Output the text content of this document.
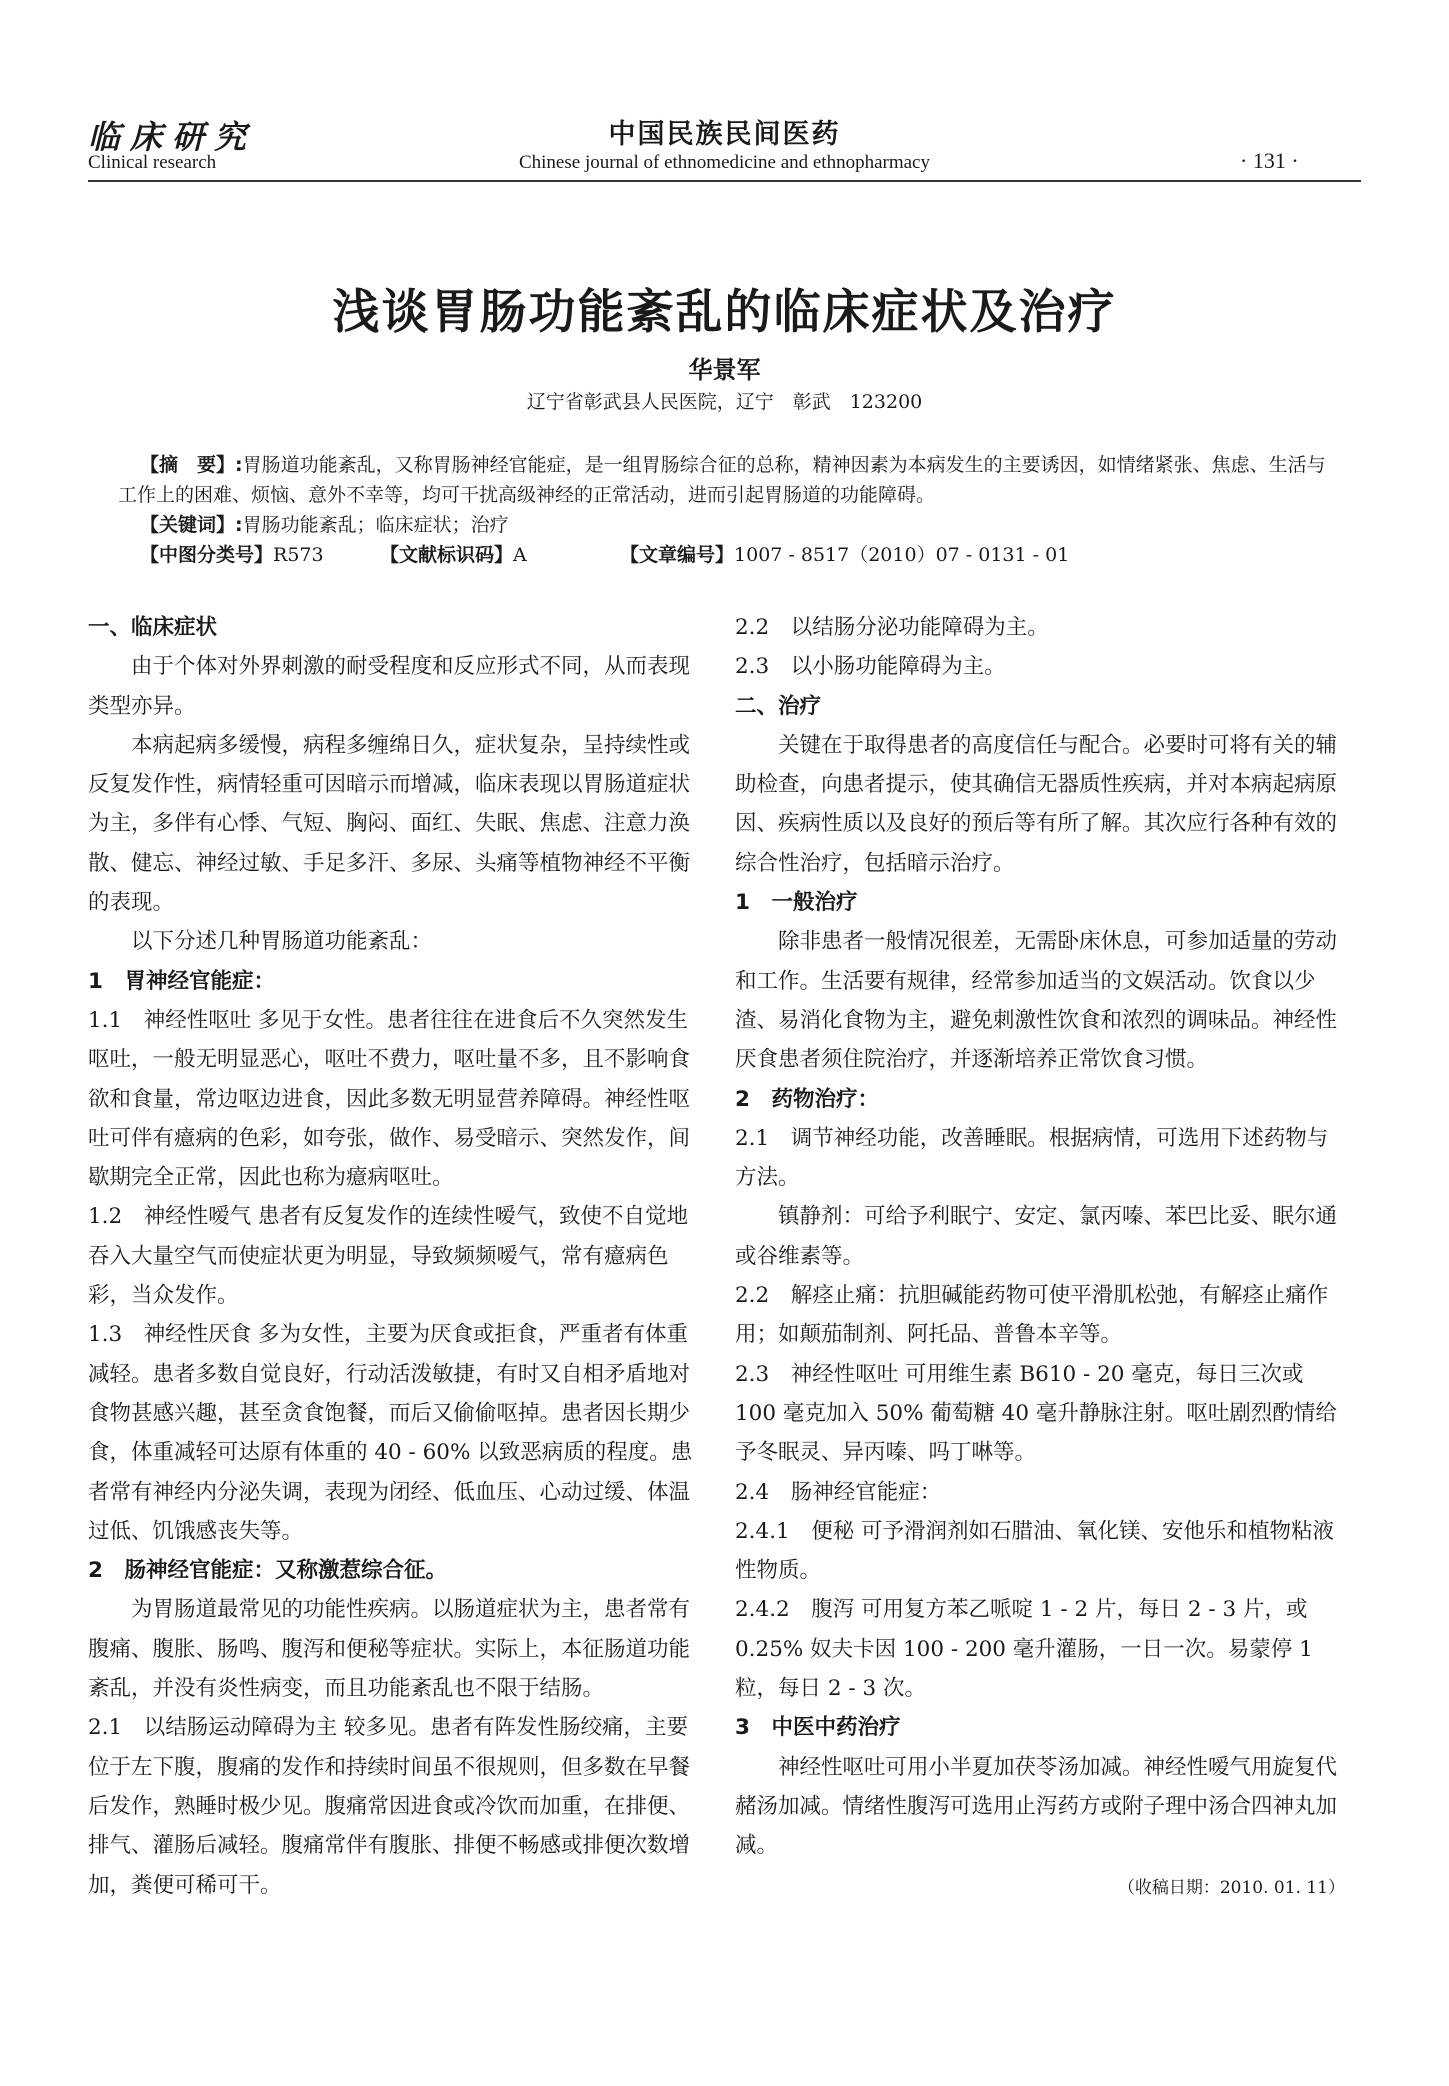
临床研究
Clinical research
中国民族民间医药
Chinese journal of ethnomedicine and ethnopharmacy	· 131 ·
浅谈胃肠功能紊乱的临床症状及治疗
华景军
辽宁省彰武县人民医院，辽宁　彰武　123200
【摘　要】:胃肠道功能紊乱，又称胃肠神经官能症，是一组胃肠综合征的总称，精神因素为本病发生的主要诱因，如情绪紧张、焦虑、生活与工作上的困难、烦恼、意外不幸等，均可干扰高级神经的正常活动，进而引起胃肠道的功能障碍。
【关键词】:胃肠功能紊乱；临床症状；治疗
【中图分类号】R573	【文献标识码】A	【文章编号】1007 - 8517（2010）07 - 0131 - 01

一、临床症状

由于个体对外界刺激的耐受程度和反应形式不同，从而表现类型亦异。

本病起病多缓慢，病程多缠绵日久，症状复杂，呈持续性或反复发作性，病情轻重可因暗示而增减，临床表现以胃肠道症状为主，多伴有心悸、气短、胸闷、面红、失眠、焦虑、注意力涣散、健忘、神经过敏、手足多汗、多尿、头痛等植物神经不平衡的表现。

以下分述几种胃肠道功能紊乱：

1　胃神经官能症：

1.1　神经性呕吐 多见于女性。患者往往在进食后不久突然发生呕吐，一般无明显恶心，呕吐不费力，呕吐量不多，且不影响食欲和食量，常边呕边进食，因此多数无明显营养障碍。神经性呕吐可伴有癔病的色彩，如夸张，做作、易受暗示、突然发作，间歇期完全正常，因此也称为癔病呕吐。

1.2　神经性嗳气 患者有反复发作的连续性嗳气，致使不自觉地吞入大量空气而使症状更为明显，导致频频嗳气，常有癔病色彩，当众发作。

1.3　神经性厌食 多为女性，主要为厌食或拒食，严重者有体重减轻。患者多数自觉良好，行动活泼敏捷，有时又自相矛盾地对食物甚感兴趣，甚至贪食饱餐，而后又偷偷呕掉。患者因长期少食，体重减轻可达原有体重的 40 - 60% 以致恶病质的程度。患者常有神经内分泌失调，表现为闭经、低血压、心动过缓、体温过低、饥饿感丧失等。

2　肠神经官能症：又称激惹综合征。

为胃肠道最常见的功能性疾病。以肠道症状为主，患者常有腹痛、腹胀、肠鸣、腹泻和便秘等症状。实际上，本征肠道功能紊乱，并没有炎性病变，而且功能紊乱也不限于结肠。

2.1　以结肠运动障碍为主 较多见。患者有阵发性肠绞痛，主要位于左下腹，腹痛的发作和持续时间虽不很规则，但多数在早餐后发作，熟睡时极少见。腹痛常因进食或冷饮而加重，在排便、排气、灌肠后减轻。腹痛常伴有腹胀、排便不畅感或排便次数增加，粪便可稀可干。

2.2　以结肠分泌功能障碍为主。

2.3　以小肠功能障碍为主。

二、治疗

关键在于取得患者的高度信任与配合。必要时可将有关的辅助检查，向患者提示，使其确信无器质性疾病，并对本病起病原因、疾病性质以及良好的预后等有所了解。其次应行各种有效的综合性治疗，包括暗示治疗。

1　一般治疗

除非患者一般情况很差，无需卧床休息，可参加适量的劳动和工作。生活要有规律，经常参加适当的文娱活动。饮食以少渣、易消化食物为主，避免刺激性饮食和浓烈的调味品。神经性厌食患者须住院治疗，并逐渐培养正常饮食习惯。

2　药物治疗：

2.1　调节神经功能，改善睡眠。根据病情，可选用下述药物与方法。

镇静剂：可给予利眠宁、安定、氯丙嗪、苯巴比妥、眠尔通或谷维素等。

2.2　解痉止痛：抗胆碱能药物可使平滑肌松弛，有解痉止痛作用；如颠茄制剂、阿托品、普鲁本辛等。

2.3　神经性呕吐 可用维生素 B610 - 20 毫克，每日三次或 100 毫克加入 50% 葡萄糖 40 毫升静脉注射。呕吐剧烈酌情给予冬眠灵、异丙嗪、吗丁啉等。

2.4　肠神经官能症：

2.4.1　便秘 可予滑润剂如石腊油、氧化镁、安他乐和植物粘液性物质。

2.4.2　腹泻 可用复方苯乙哌啶 1 - 2 片，每日 2 - 3 片，或 0.25% 奴夫卡因 100 - 200 毫升灌肠，一日一次。易蒙停 1 粒，每日 2 - 3 次。

3　中医中药治疗

神经性呕吐可用小半夏加茯苓汤加减。神经性嗳气用旋复代赭汤加减。情绪性腹泻可选用止泻药方或附子理中汤合四神丸加减。

（收稿日期：2010. 01. 11）
